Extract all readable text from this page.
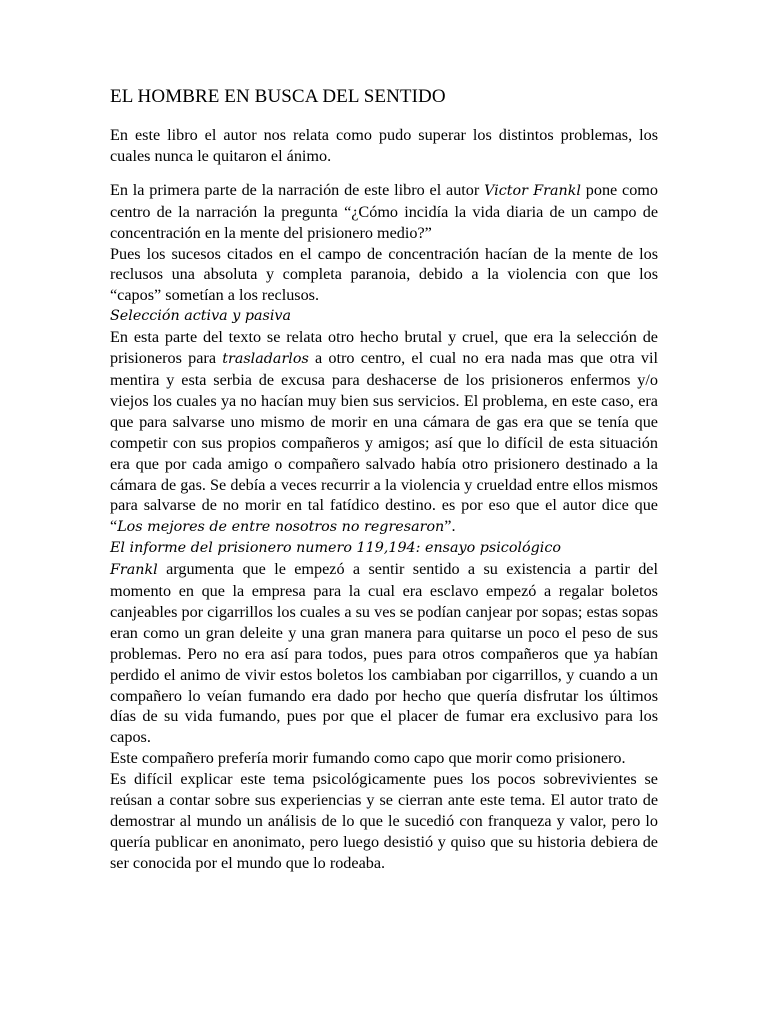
EL HOMBRE EN BUSCA DEL SENTIDO

En este libro el autor nos relata como pudo superar los distintos problemas, los cuales nunca le quitaron el ánimo.

En la primera parte de la narración de este libro el autor Victor Frankl pone como centro de la narración la pregunta “¿Cómo incidía la vida diaria de un campo de concentración en la mente del prisionero medio?”

Pues los sucesos citados en el campo de concentración hacían de la mente de los reclusos una absoluta y completa paranoia, debido a la violencia con que los “capos” sometían a los reclusos.

Selección activa y pasiva

En esta parte del texto se relata otro hecho brutal y cruel, que era la selección de prisioneros para trasladarlos a otro centro, el cual no era nada mas que otra vil mentira y esta serbia de excusa para deshacerse de los prisioneros enfermos y/o viejos los cuales ya no hacían muy bien sus servicios. El problema, en este caso, era que para salvarse uno mismo de morir en una cámara de gas era que se tenía que competir con sus propios compañeros y amigos; así que lo difícil de esta situación era que por cada amigo o compañero salvado había otro prisionero destinado a la cámara de gas. Se debía a veces recurrir a la violencia y crueldad entre ellos mismos para salvarse de no morir en tal fatídico destino. es por eso que el autor dice que “Los mejores de entre nosotros no regresaron”.

El informe del prisionero numero 119,194: ensayo psicológico

Frankl argumenta que le empezó a sentir sentido a su existencia a partir del momento en que la empresa para la cual era esclavo empezó a regalar boletos canjeables por cigarrillos los cuales a su ves se podían canjear por sopas; estas sopas eran como un gran deleite y una gran manera para quitarse un poco el peso de sus problemas. Pero no era así para todos, pues para otros compañeros que ya habían perdido el animo de vivir estos boletos los cambiaban por cigarrillos, y cuando a un compañero lo veían fumando era dado por hecho que quería disfrutar los últimos días de su vida fumando, pues por que el placer de fumar era exclusivo para los capos.

Este compañero prefería morir fumando como capo que morir como prisionero.

Es difícil explicar este tema psicológicamente pues los pocos sobrevivientes se reúsan a contar sobre sus experiencias y se cierran ante este tema. El autor trato de demostrar al mundo un análisis de lo que le sucedió con franqueza y valor, pero lo quería publicar en anonimato, pero luego desistió y quiso que su historia debiera de ser conocida por el mundo que lo rodeaba.
